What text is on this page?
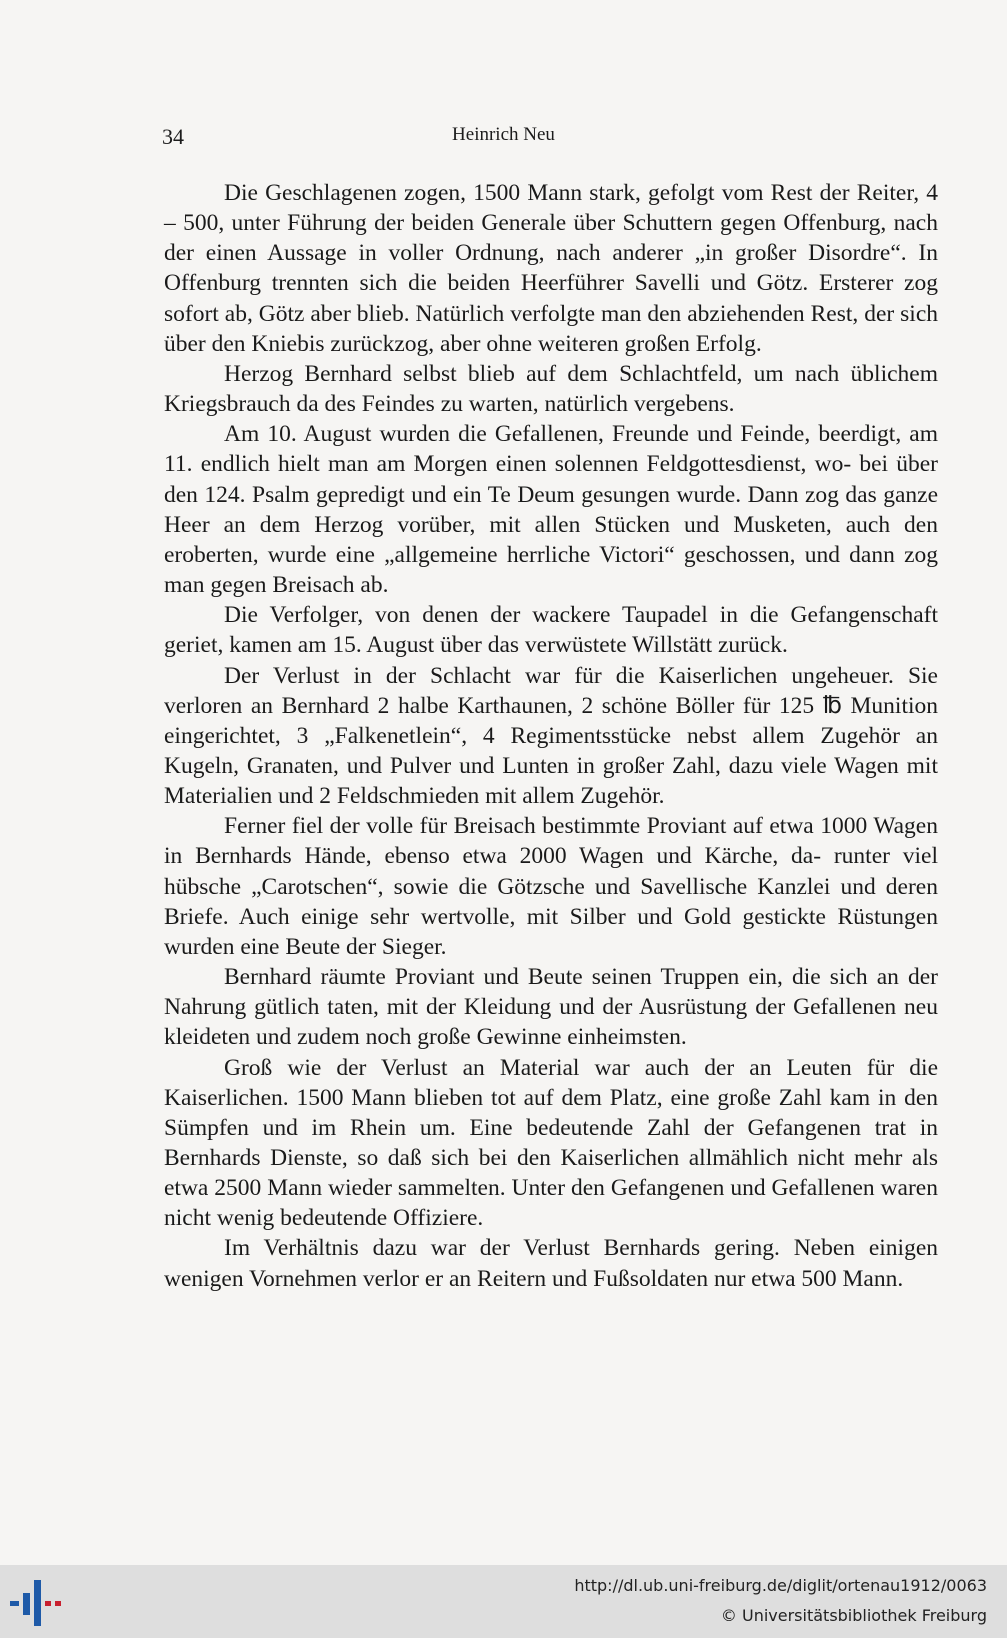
34	Heinrich Neu

Die Geschlagenen zogen, 1500 Mann stark, gefolgt vom Rest der Reiter, 4 – 500, unter Führung der beiden Generale über Schuttern gegen Offenburg, nach der einen Aussage in voller Ordnung, nach anderer „in großer Disordre“. In Offenburg trennten sich die beiden Heerführer Savelli und Götz. Ersterer zog sofort ab, Götz aber blieb. Natürlich verfolgte man den abziehenden Rest, der sich über den Kniebis zurückzog, aber ohne weiteren großen Erfolg.

Herzog Bernhard selbst blieb auf dem Schlachtfeld, um nach üblichem Kriegsbrauch da des Feindes zu warten, natürlich vergebens.

Am 10. August wurden die Gefallenen, Freunde und Feinde, beerdigt, am 11. endlich hielt man am Morgen einen solennen Feldgottesdienst, wo- bei über den 124. Psalm gepredigt und ein Te Deum gesungen wurde. Dann zog das ganze Heer an dem Herzog vorüber, mit allen Stücken und Musketen, auch den eroberten, wurde eine „allgemeine herrliche Victori“ geschossen, und dann zog man gegen Breisach ab.

Die Verfolger, von denen der wackere Taupadel in die Gefangenschaft geriet, kamen am 15. August über das verwüstete Willstätt zurück.

Der Verlust in der Schlacht war für die Kaiserlichen ungeheuer. Sie verloren an Bernhard 2 halbe Karthaunen, 2 schöne Böller für 125 ℔ Munition eingerichtet, 3 „Falkenetlein“, 4 Regimentsstücke nebst allem Zugehör an Kugeln, Granaten, und Pulver und Lunten in großer Zahl, dazu viele Wagen mit Materialien und 2 Feldschmieden mit allem Zugehör.

Ferner fiel der volle für Breisach bestimmte Proviant auf etwa 1000 Wagen in Bernhards Hände, ebenso etwa 2000 Wagen und Kärche, da- runter viel hübsche „Carotschen“, sowie die Götzsche und Savellische Kanzlei und deren Briefe. Auch einige sehr wertvolle, mit Silber und Gold gestickte Rüstungen wurden eine Beute der Sieger.

Bernhard räumte Proviant und Beute seinen Truppen ein, die sich an der Nahrung gütlich taten, mit der Kleidung und der Ausrüstung der Gefallenen neu kleideten und zudem noch große Gewinne einheimsten.

Groß wie der Verlust an Material war auch der an Leuten für die Kaiserlichen. 1500 Mann blieben tot auf dem Platz, eine große Zahl kam in den Sümpfen und im Rhein um. Eine bedeutende Zahl der Gefangenen trat in Bernhards Dienste, so daß sich bei den Kaiserlichen allmählich nicht mehr als etwa 2500 Mann wieder sammelten. Unter den Gefangenen und Gefallenen waren nicht wenig bedeutende Offiziere.

Im Verhältnis dazu war der Verlust Bernhards gering. Neben einigen wenigen Vornehmen verlor er an Reitern und Fußsoldaten nur etwa 500 Mann.

http://dl.ub.uni-freiburg.de/diglit/ortenau1912/0063
© Universitätsbibliothek Freiburg
